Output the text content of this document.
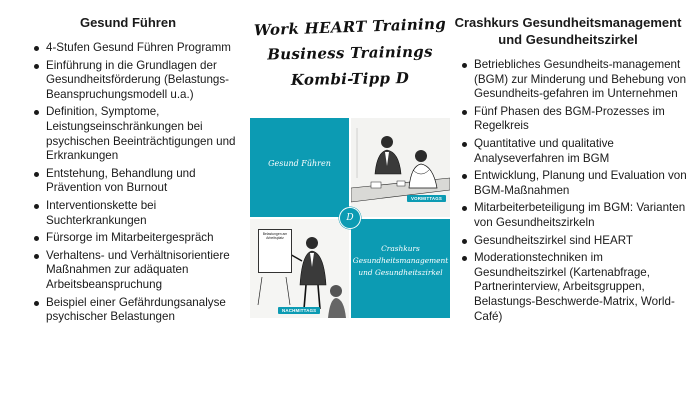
Gesund Führen
4-Stufen Gesund Führen Programm
Einführung in die Grundlagen der Gesundheitsförderung (Belastungs-Beanspruchungsmodell u.a.)
Definition, Symptome, Leistungseinschränkungen bei psychischen Beeinträchtigungen und Erkrankungen
Entstehung, Behandlung und Prävention von Burnout
Interventionskette bei Suchterkrankungen
Fürsorge im Mitarbeitergespräch
Verhaltens- und Verhältnisorientiere Maßnahmen zur adäquaten Arbeitsbeanspruchung
Beispiel einer Gefährdungsanalyse psychischer Belastungen
Work HEART Training
Business Trainings
Kombi-Tipp D
Gesund Führen
VORMITTAGS
Belastungen am Arbeitsplatz
NACHMITTAGS
Crashkurs Gesundheitsmanagement und Gesundheitszirkel
D
Crashkurs Gesundheitsmanagement und Gesundheitszirkel
Betriebliches Gesundheits-management (BGM) zur Minderung und Behebung von Gesundheits-gefahren im Unternehmen
Fünf Phasen des BGM-Prozesses im Regelkreis
Quantitative und qualitative Analyseverfahren im BGM
Entwicklung, Planung und Evaluation von BGM-Maßnahmen
Mitarbeiterbeteiligung im BGM: Varianten von Gesundheitszirkeln
Gesundheitszirkel sind HEART
Moderationstechniken im Gesundheitszirkel (Kartenabfrage, Partnerinterview, Arbeitsgruppen, Belastungs-Beschwerde-Matrix, World-Café)
